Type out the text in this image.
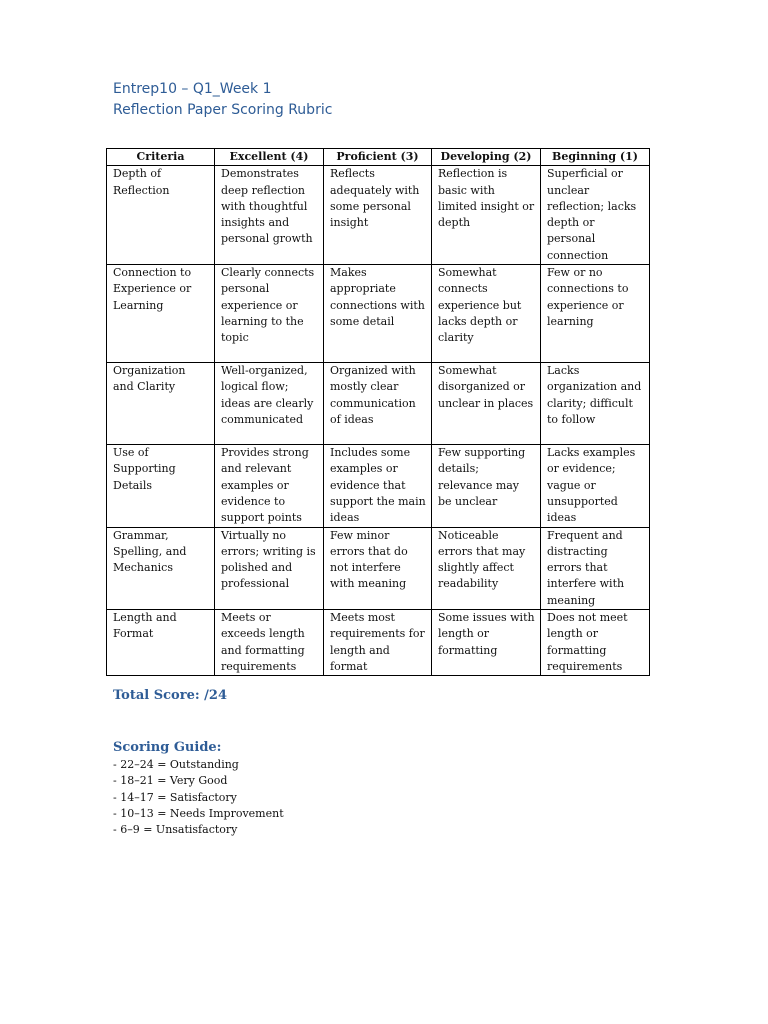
Entrep10 – Q1_Week 1
Reflection Paper Scoring Rubric
Criteria	Excellent (4)	Proficient (3)	Developing (2)	Beginning (1)
Depth of Reflection	Demonstrates deep reflection with thoughtful insights and personal growth	Reflects adequately with some personal insight	Reflection is basic with limited insight or depth	Superficial or unclear reflection; lacks depth or personal connection
Connection to Experience or Learning	Clearly connects personal experience or learning to the topic	Makes appropriate connections with some detail	Somewhat connects experience but lacks depth or clarity	Few or no connections to experience or learning
Organization and Clarity	Well-organized, logical flow; ideas are clearly communicated	Organized with mostly clear communication of ideas	Somewhat disorganized or unclear in places	Lacks organization and clarity; difficult to follow
Use of Supporting Details	Provides strong and relevant examples or evidence to support points	Includes some examples or evidence that support the main ideas	Few supporting details; relevance may be unclear	Lacks examples or evidence; vague or unsupported ideas
Grammar, Spelling, and Mechanics	Virtually no errors; writing is polished and professional	Few minor errors that do not interfere with meaning	Noticeable errors that may slightly affect readability	Frequent and distracting errors that interfere with meaning
Length and Format	Meets or exceeds length and formatting requirements	Meets most requirements for length and format	Some issues with length or formatting	Does not meet length or formatting requirements
Total Score: /24
Scoring Guide:
- 22–24 = Outstanding
- 18–21 = Very Good
- 14–17 = Satisfactory
- 10–13 = Needs Improvement
- 6–9 = Unsatisfactory
